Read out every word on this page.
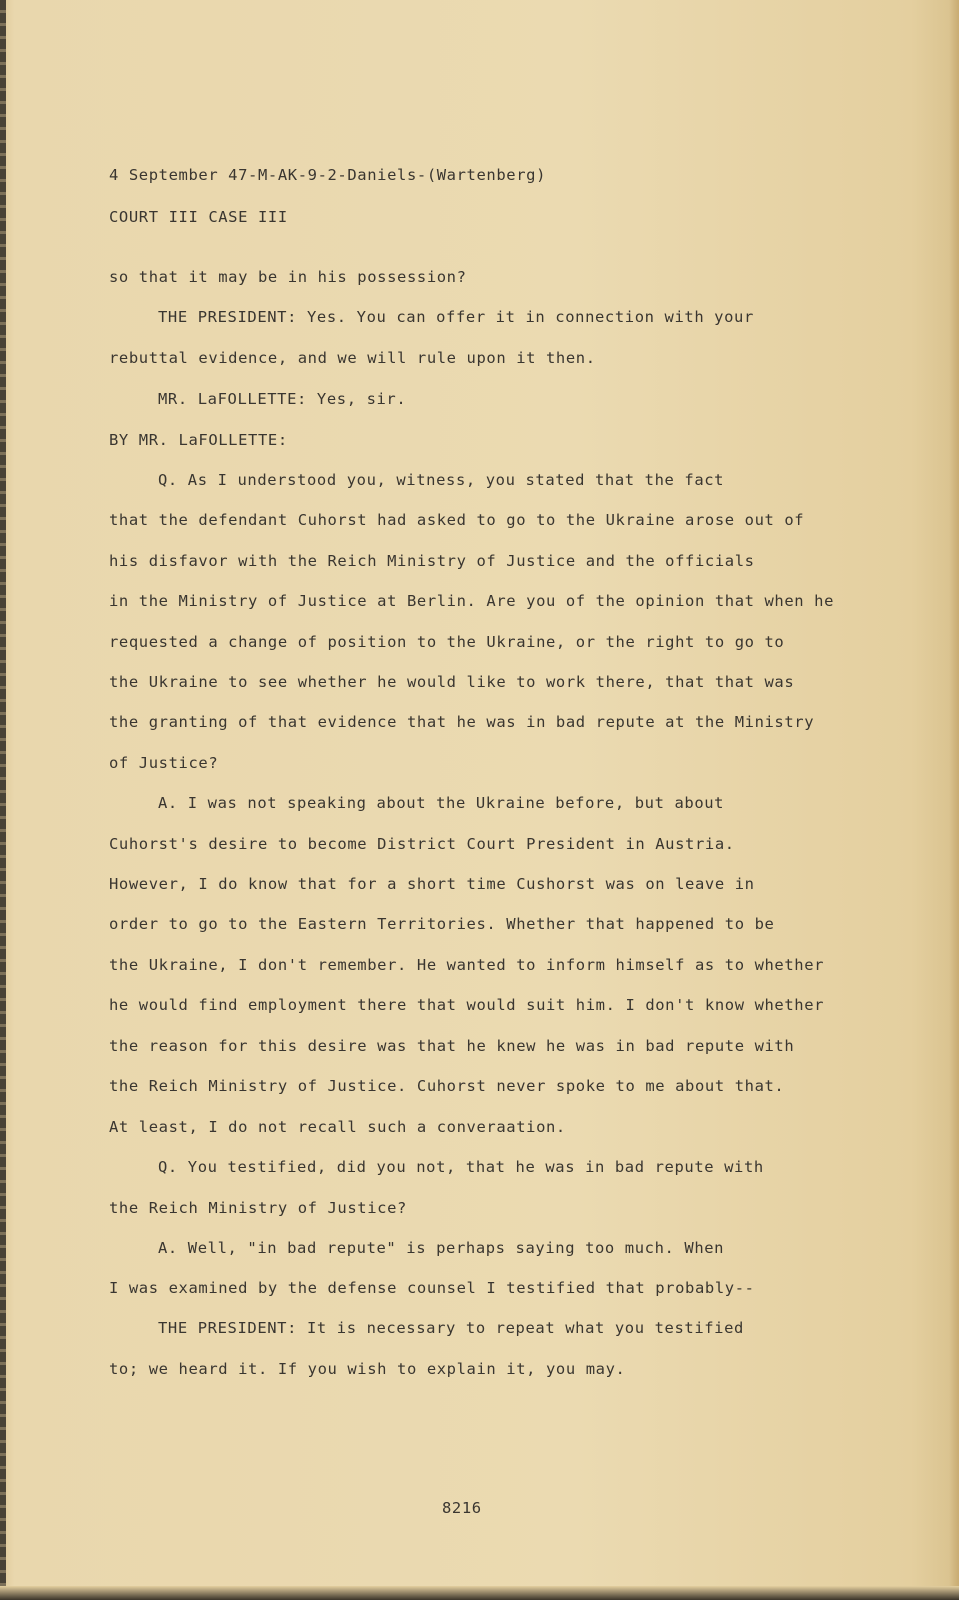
4 September 47-M-AK-9-2-Daniels-(Wartenberg)
COURT III CASE III
so that it may be in his possession?
THE PRESIDENT: Yes. You can offer it in connection with your
rebuttal evidence, and we will rule upon it then.
MR. LaFOLLETTE: Yes, sir.
BY MR. LaFOLLETTE:
Q. As I understood you, witness, you stated that the fact
that the defendant Cuhorst had asked to go to the Ukraine arose out of
his disfavor with the Reich Ministry of Justice and the officials
in the Ministry of Justice at Berlin. Are you of the opinion that when he
requested a change of position to the Ukraine, or the right to go to
the Ukraine to see whether he would like to work there, that that was
the granting of that evidence that he was in bad repute at the Ministry
of Justice?
A. I was not speaking about the Ukraine before, but about
Cuhorst's desire to become District Court President in Austria.
However, I do know that for a short time Cushorst was on leave in
order to go to the Eastern Territories. Whether that happened to be
the Ukraine, I don't remember. He wanted to inform himself as to whether
he would find employment there that would suit him. I don't know whether
the reason for this desire was that he knew he was in bad repute with
the Reich Ministry of Justice. Cuhorst never spoke to me about that.
At least, I do not recall such a converaation.
Q. You testified, did you not, that he was in bad repute with
the Reich Ministry of Justice?
A. Well, "in bad repute" is perhaps saying too much. When
I was examined by the defense counsel I testified that probably--
THE PRESIDENT: It is necessary to repeat what you testified
to; we heard it. If you wish to explain it, you may.
8216
